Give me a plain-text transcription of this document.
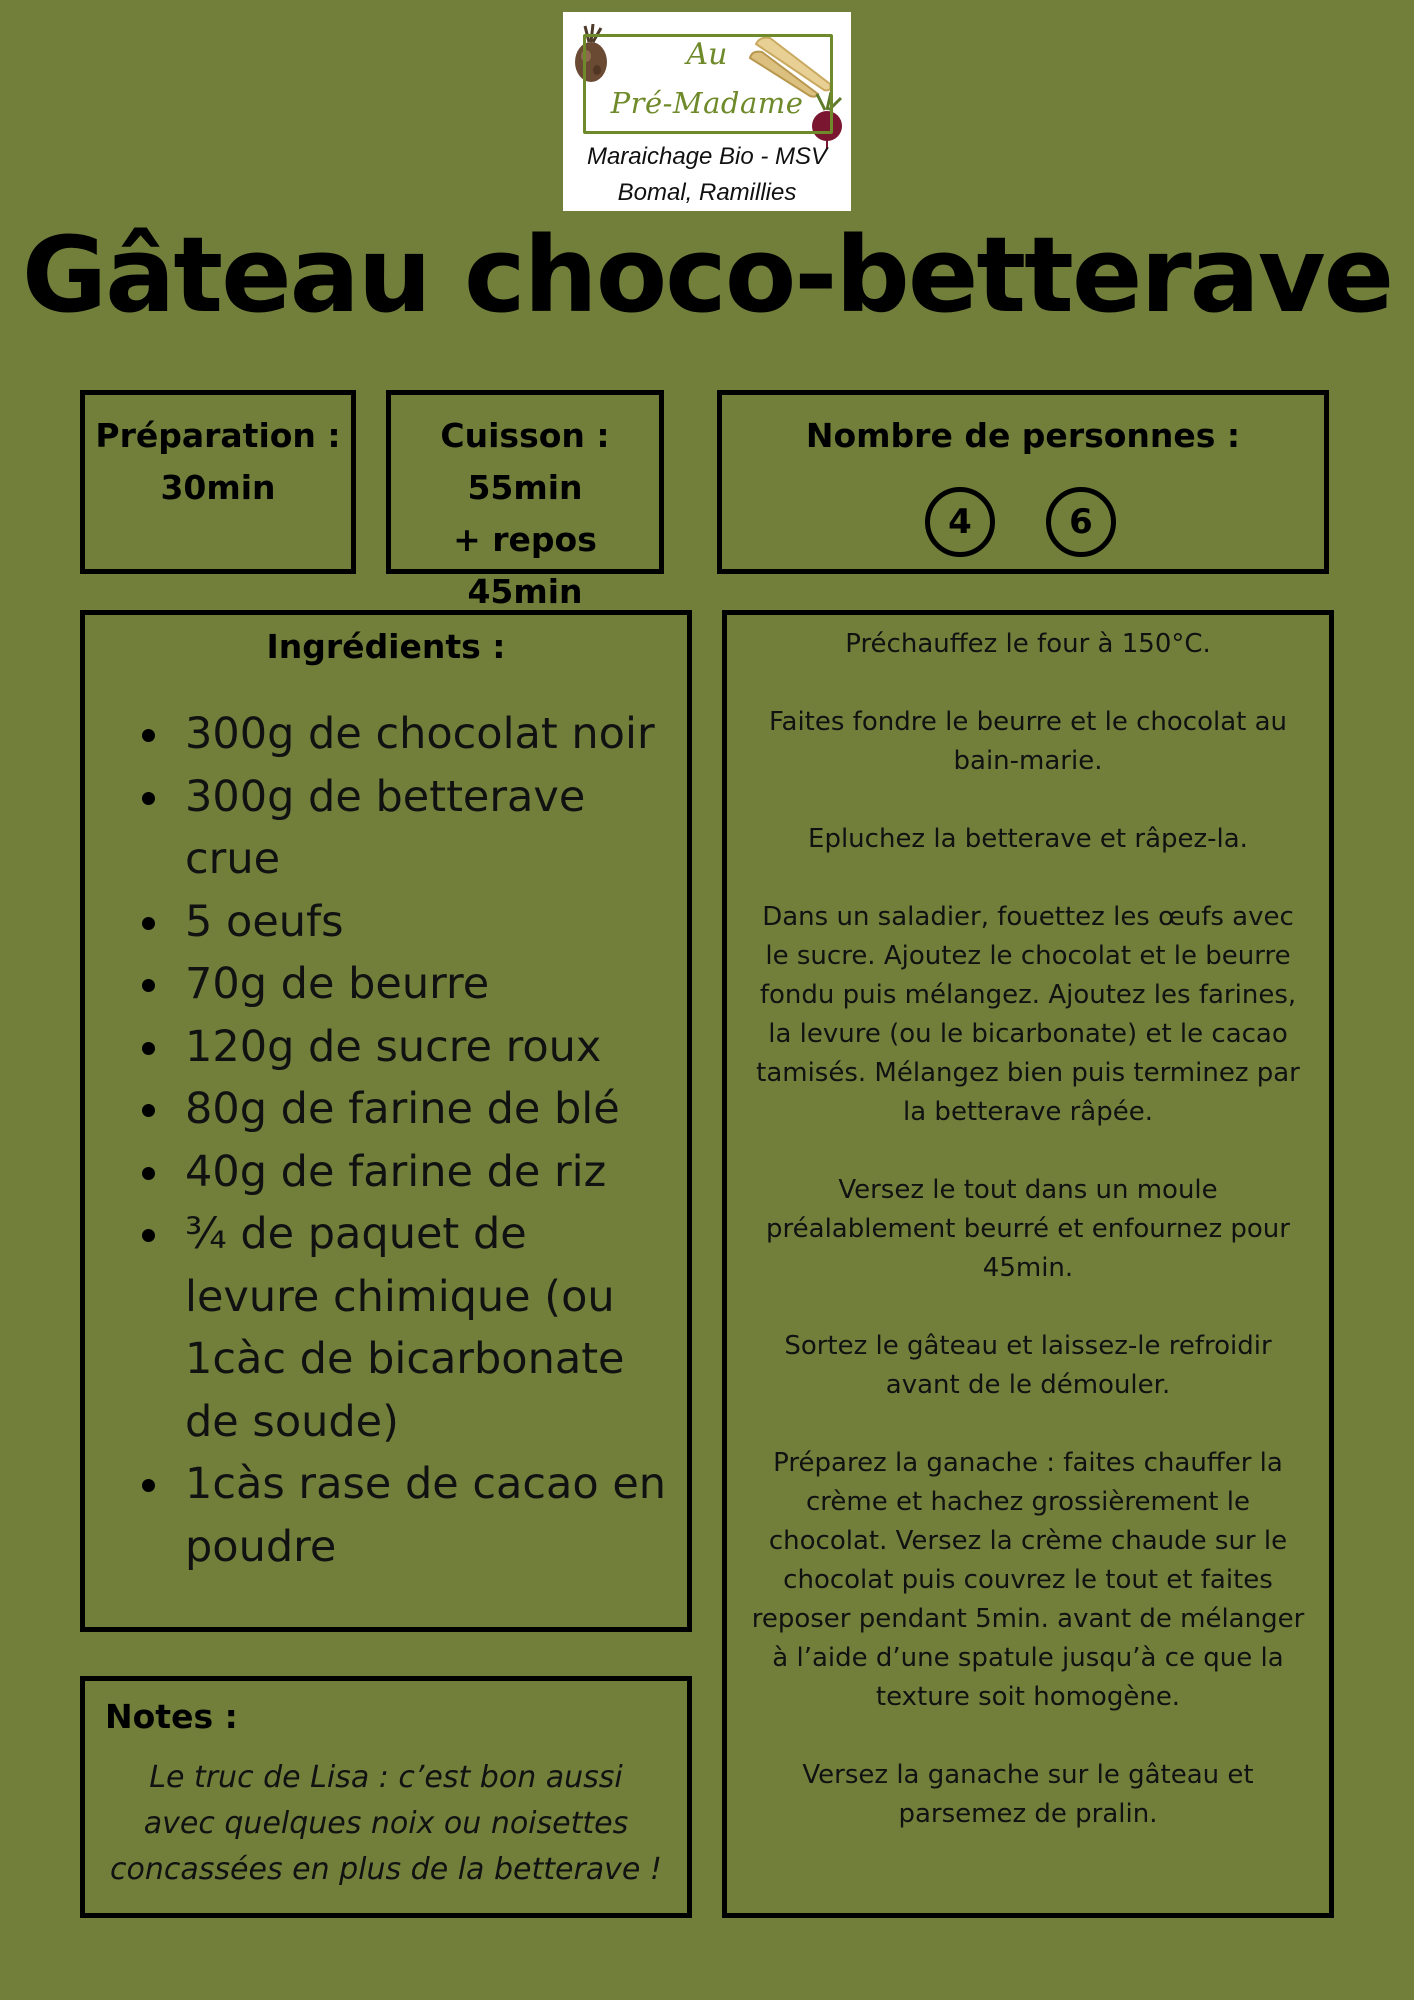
Au
Pré-Madame
Maraichage Bio - MSV
Bomal, Ramillies
Gâteau choco-betterave
Préparation :
30min
Cuisson :
55min
+ repos 45min
Nombre de personnes :
4	6
Ingrédients :
300g de chocolat noir
300g de betterave crue
5 oeufs
70g de beurre
120g de sucre roux
80g de farine de blé
40g de farine de riz
¾ de paquet de levure chimique (ou 1càc de bicarbonate de soude)
1càs rase de cacao en poudre
Notes :
Le truc de Lisa : c’est bon aussi avec quelques noix ou noisettes concassées en plus de la betterave !

Préchauffez le four à 150°C.

Faites fondre le beurre et le chocolat au bain-marie.

Epluchez la betterave et râpez-la.

Dans un saladier, fouettez les œufs avec le sucre. Ajoutez le chocolat et le beurre fondu puis mélangez. Ajoutez les farines, la levure (ou le bicarbonate) et le cacao tamisés. Mélangez bien puis terminez par la betterave râpée.

Versez le tout dans un moule préalablement beurré et enfournez pour 45min.

Sortez le gâteau et laissez-le refroidir avant de le démouler.

Préparez la ganache : faites chauffer la crème et hachez grossièrement le chocolat. Versez la crème chaude sur le chocolat puis couvrez le tout et faites reposer pendant 5min. avant de mélanger à l’aide d’une spatule jusqu’à ce que la texture soit homogène.

Versez la ganache sur le gâteau et parsemez de pralin.
